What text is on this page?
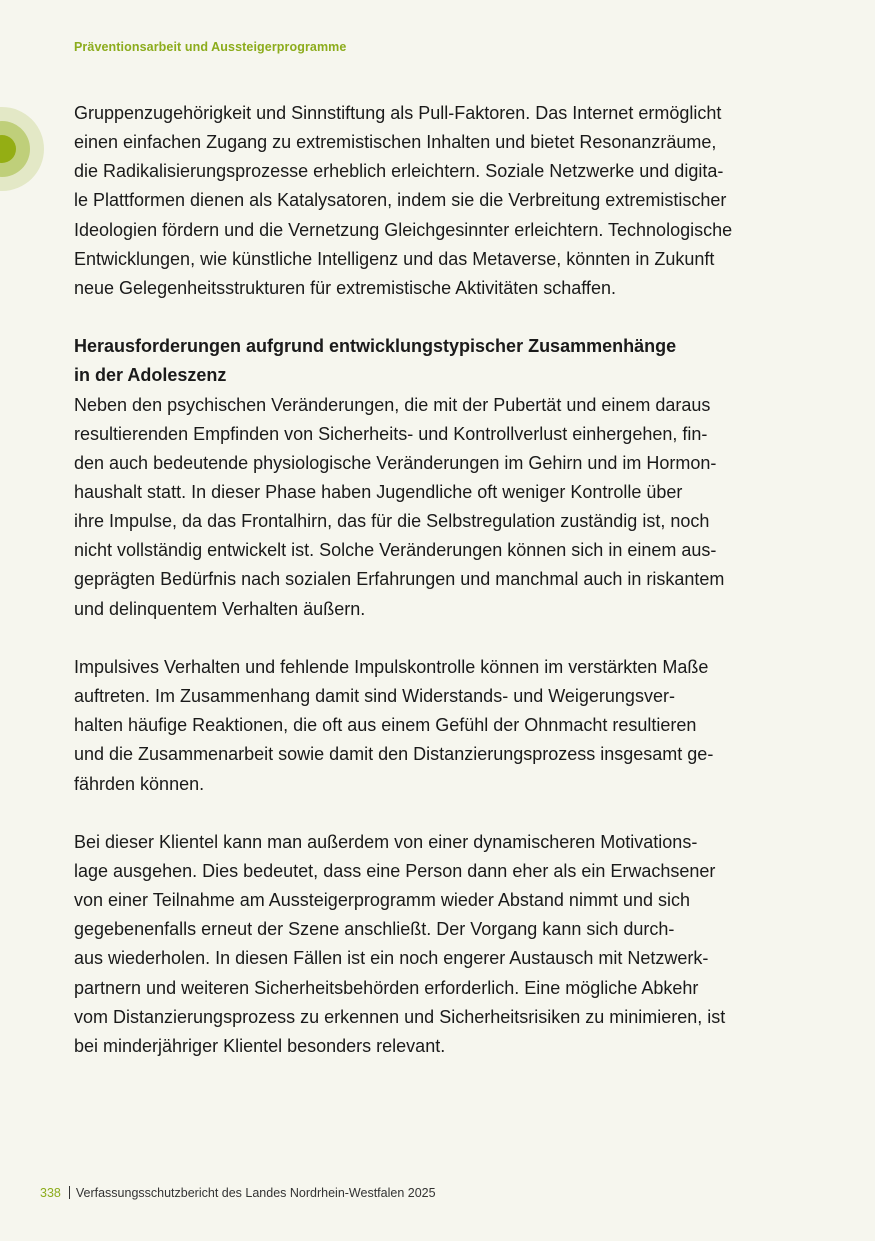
Präventionsarbeit und Aussteigerprogramme
Gruppenzugehörigkeit und Sinnstiftung als Pull-Faktoren. Das Internet ermöglicht
einen einfachen Zugang zu extremistischen Inhalten und bietet Resonanzräume,
die Radikalisierungsprozesse erheblich erleichtern. Soziale Netzwerke und digita-
le Plattformen dienen als Katalysatoren, indem sie die Verbreitung extremistischer
Ideologien fördern und die Vernetzung Gleichgesinnter erleichtern. Technologische
Entwicklungen, wie künstliche Intelligenz und das Metaverse, könnten in Zukunft
neue Gelegenheitsstrukturen für extremistische Aktivitäten schaffen.
Herausforderungen aufgrund entwicklungstypischer Zusammenhänge
in der Adoleszenz
Neben den psychischen Veränderungen, die mit der Pubertät und einem daraus
resultierenden Empfinden von Sicherheits- und Kontrollverlust einhergehen, fin-
den auch bedeutende physiologische Veränderungen im Gehirn und im Hormon-
haushalt statt. In dieser Phase haben Jugendliche oft weniger Kontrolle über
ihre Impulse, da das Frontalhirn, das für die Selbstregulation zuständig ist, noch
nicht vollständig entwickelt ist. Solche Veränderungen können sich in einem aus-
geprägten Bedürfnis nach sozialen Erfahrungen und manchmal auch in riskantem
und delinquentem Verhalten äußern.
Impulsives Verhalten und fehlende Impulskontrolle können im verstärkten Maße
auftreten. Im Zusammenhang damit sind Widerstands- und Weigerungsver-
halten häufige Reaktionen, die oft aus einem Gefühl der Ohnmacht resultieren
und die Zusammenarbeit sowie damit den Distanzierungsprozess insgesamt ge-
fährden können.
Bei dieser Klientel kann man außerdem von einer dynamischeren Motivations-
lage ausgehen. Dies bedeutet, dass eine Person dann eher als ein Erwachsener
von einer Teilnahme am Aussteigerprogramm wieder Abstand nimmt und sich
gegebenenfalls erneut der Szene anschließt. Der Vorgang kann sich durch-
aus wiederholen. In diesen Fällen ist ein noch engerer Austausch mit Netzwerk-
partnern und weiteren Sicherheitsbehörden erforderlich. Eine mögliche Abkehr
vom Distanzierungsprozess zu erkennen und Sicherheitsrisiken zu minimieren, ist
bei minderjähriger Klientel besonders relevant.
338 Verfassungsschutzbericht des Landes Nordrhein-Westfalen 2025
